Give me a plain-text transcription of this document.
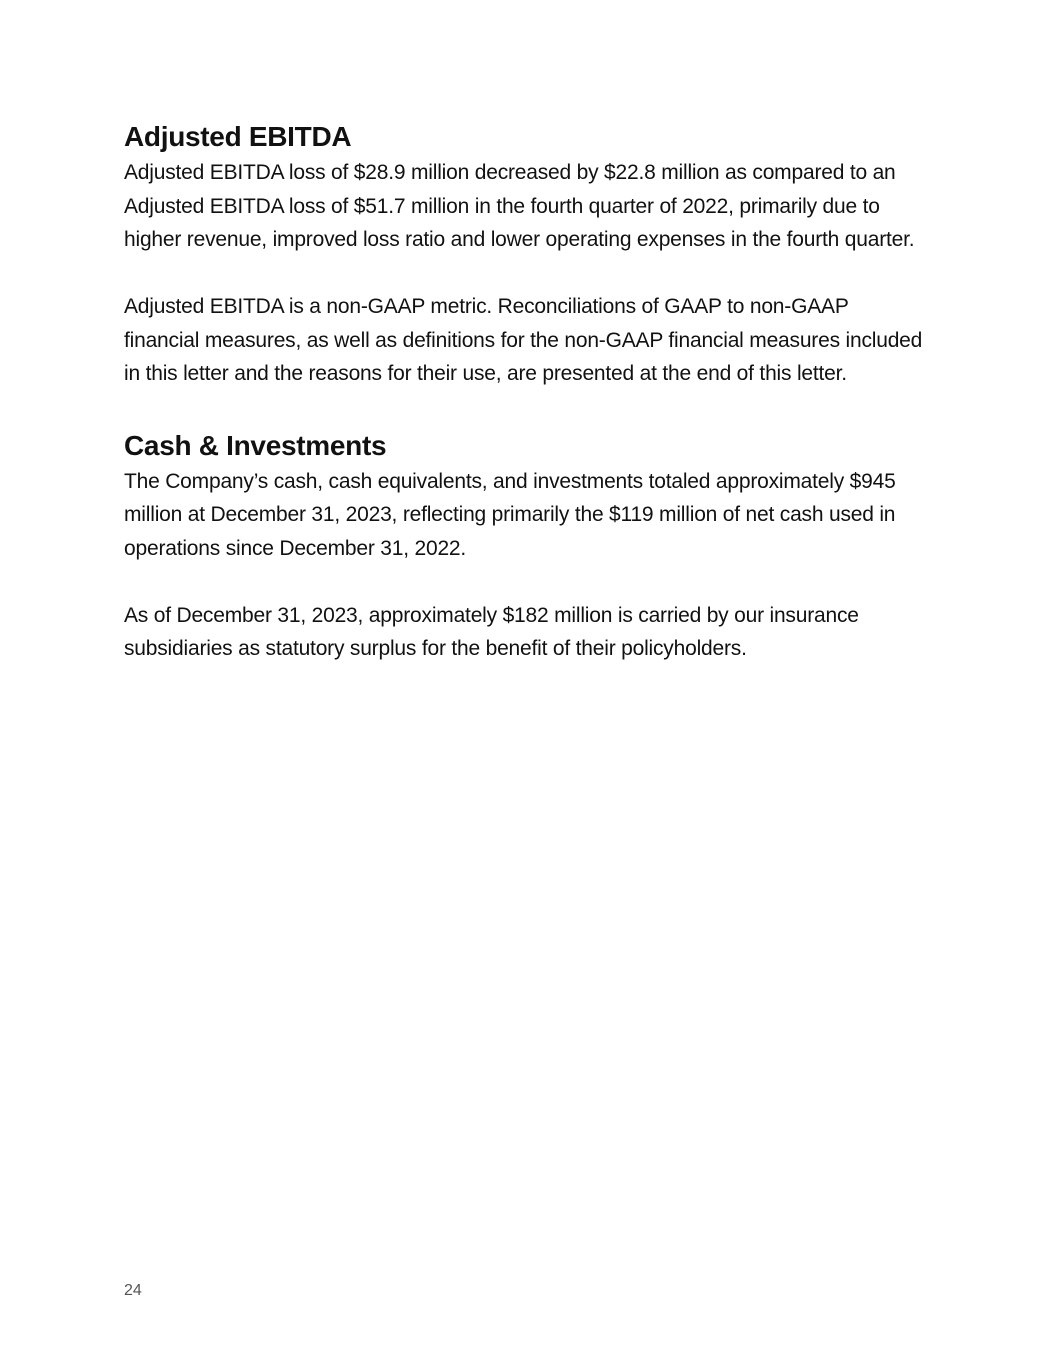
Adjusted EBITDA

Adjusted EBITDA loss of $28.9 million decreased by $22.8 million as compared to an Adjusted EBITDA loss of $51.7 million in the fourth quarter of 2022, primarily due to higher revenue, improved loss ratio and lower operating expenses in the fourth quarter.

Adjusted EBITDA is a non-GAAP metric. Reconciliations of GAAP to non-GAAP financial measures, as well as definitions for the non-GAAP financial measures included in this letter and the reasons for their use, are presented at the end of this letter.

Cash & Investments

The Company’s cash, cash equivalents, and investments totaled approximately $945 million at December 31, 2023, reflecting primarily the $119 million of net cash used in operations since December 31, 2022.

As of December 31, 2023, approximately $182 million is carried by our insurance subsidiaries as statutory surplus for the benefit of their policyholders.

24
